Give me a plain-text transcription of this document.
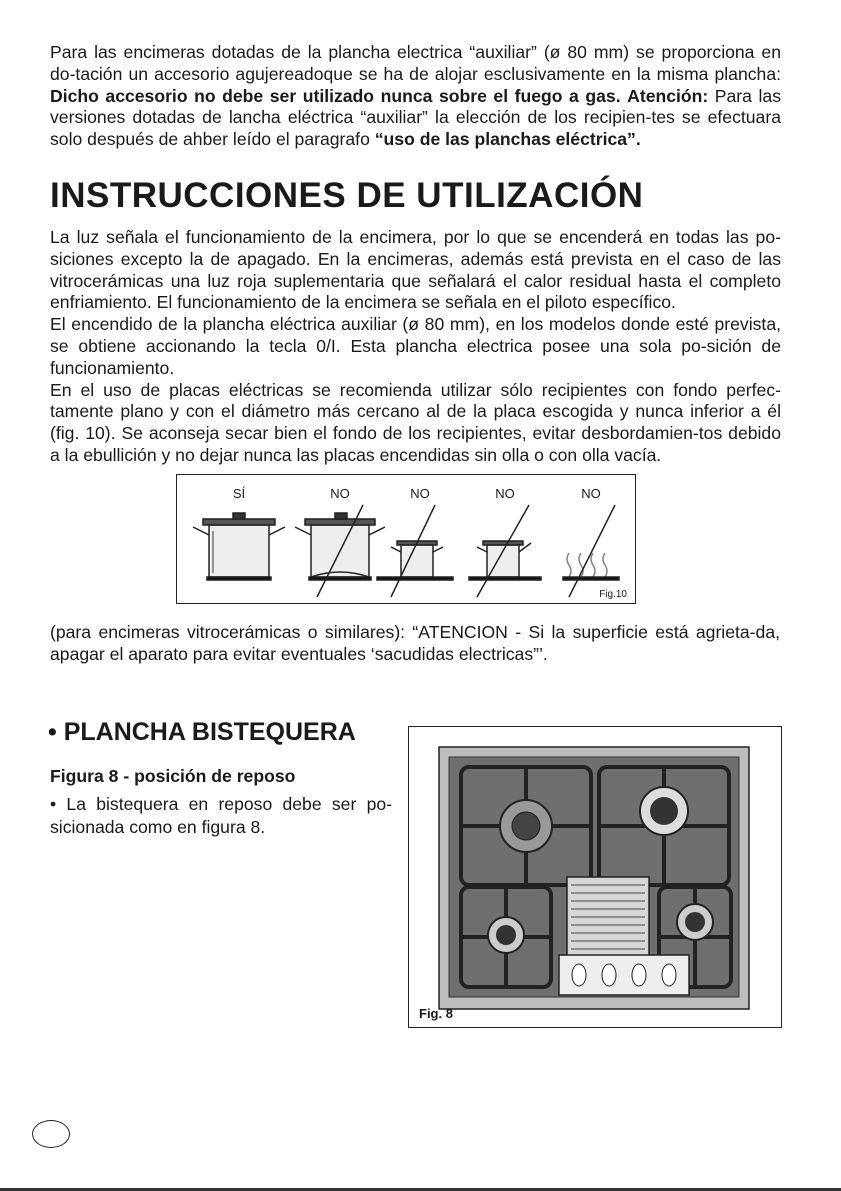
Para las encimeras dotadas de la plancha electrica “auxiliar” (ø 80 mm) se proporciona en do-tación un accesorio agujereadoque se ha de alojar esclusivamente en la misma plancha: Dicho accesorio no debe ser utilizado nunca sobre el fuego a gas. Atención: Para las versiones dotadas de lancha eléctrica “auxiliar” la elección de los recipien-tes se efectuara solo después de ahber leído el paragrafo “uso de las planchas eléctrica”.

INSTRUCCIONES DE UTILIZACIÓN

La luz señala el funcionamiento de la encimera, por lo que se encenderá en todas las po-siciones excepto la de apagado. En la encimeras, además está prevista en el caso de las vitrocerámicas una luz roja suplementaria que señalará el calor residual hasta el completo enfriamiento. El funcionamiento de la encimera se señala en el piloto específico.

El encendido de la plancha eléctrica auxiliar (ø 80 mm), en los modelos donde esté prevista, se obtiene accionando la tecla 0/I. Esta plancha electrica posee una sola po-sición de funcionamiento.

En el uso de placas eléctricas se recomienda utilizar sólo recipientes con fondo perfec-tamente plano y con el diámetro más cercano al de la placa escogida y nunca inferior a él (fig. 10). Se aconseja secar bien el fondo de los recipientes, evitar desbordamien-tos debido a la ebullición y no dejar nunca las placas encendidas sin olla o con olla vacía.

SÍ	NO	NO	NO	NO
Fig.10

(para encimeras vitrocerámicas o similares): “ATENCION - Si la superficie está agrieta-da, apagar el aparato para evitar eventuales ‘sacudidas electricas”’.

• PLANCHA BISTEQUERA

Figura 8 - posición de reposo

• La bistequera en reposo debe ser po-sicionada como en figura 8.

Fig. 8
